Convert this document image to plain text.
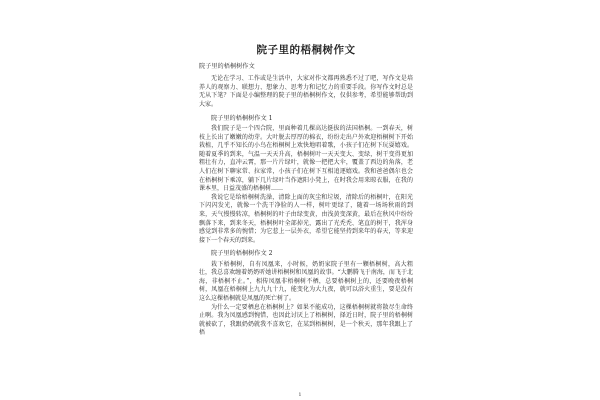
院子里的梧桐树作文
院子里的梧桐树作文

无论在学习、工作或是生活中，大家对作文都再熟悉不过了吧，写作文是培养人的观察力、联想力、想象力、思考力和记忆力的重要手段。你写作文时总是无从下笔？下面是小编整理的院子里的梧桐树作文，仅供参考，希望能够帮助到大家。

院子里的梧桐树作文 1

我们院子是一个四合院，里面种着几棵高达挺拔的法国梧桐。一到春天，树枝上长出了嫩嫩的幼芽。大叶脱去厚厚的棉衣，纷纷走出户外欢迎梧桐树下开始栽植，几乎不知长的小鸟在梧桐树上欢快地唱着歌，小孩子们在树下玩耍嬉戏。随着夏季的到来，气温一天天升高，梧桐树叶一天天变大、变绿，树干变得更加粗壮有力，直冲云霄，那一片片绿叶，就像一把把大伞，覆盖了西边的角落，老人们在树下聊家常、拉家常，小孩子们在树下互相追逐嬉戏。我和爸爸偶尔也会在梧桐树下乘凉，躺下几片绿叶当作遮阳小凳上，在时我会用来晾衣服，在我的课本里，日益茂盛的梧桐树……

我说它是给梧桐树洗澡，清除上面的灰尘和垃圾，清除后的梧桐叶，在阳光下闪闪发光，就像一个洗干净脸的人一样，树叶更绿了，随着一场场秋雨的到来，天气慢慢转凉，梧桐树的叶子由绿变黄，由浅黄变深黄，最后在秋风中纷纷飘落下来，到来冬天，梧桐树叶全部掉光，露出了光秃秃、笔直的树干，我浑身感觉到非常多的惋惜；为它惹上一层外衣，希望它能坚持到来年的春天，等来迎接下一个春天的到来。

院子里的梧桐树作文 2

栽下梧桐树，自有凤凰来，小时候，奶奶家院子里有一颗梧桐树，高大粗壮，我总喜欢缠着奶奶听她讲梧桐树和凤凰的故事。“大鹏腾飞于南海，而飞于北海，非梧桐不止。”，相传凤凰非梧桐树不栖，总要梧桐树上的，还要晚夜梧桐树，凤凰在梧桐树上九九九十九，能变化为大九夜，就可以浴火重生，要是没有这么这棵梧桐就是凤凰的死亡树了。

为什么一定要栖息在梧桐树上？如果不能成功，这棵梧桐树就将散尽生命终止啊。我为凤凰感到惋惜，也因此讨厌上了梧桐树，择近日时，院子里的梧桐树就被砍了，我跟奶奶就我不喜欢它，在某到梧桐树，是一个秋天，那年我跟上了梧

1
